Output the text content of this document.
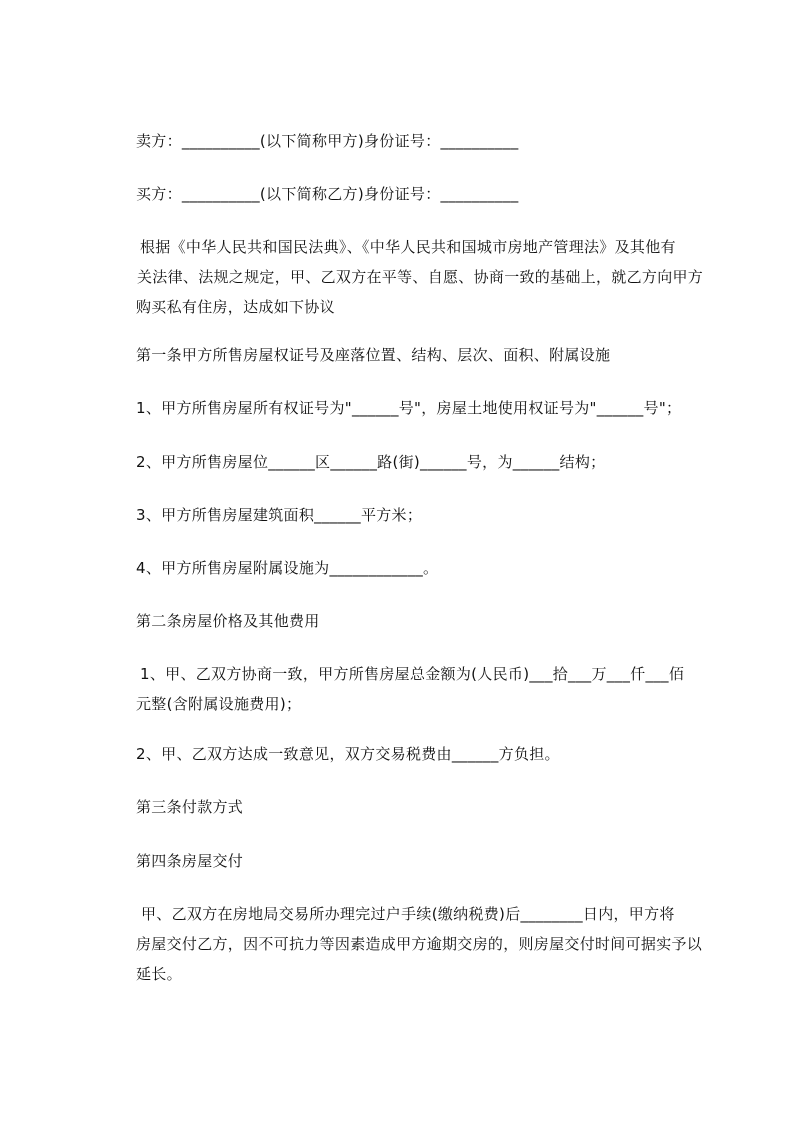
卖方：__________(以下简称甲方)身份证号：__________
买方：__________(以下简称乙方)身份证号：__________
根据《中华人民共和国民法典》、《中华人民共和国城市房地产管理法》及其他有
关法律、法规之规定，甲、乙双方在平等、自愿、协商一致的基础上，就乙方向甲方
购买私有住房，达成如下协议
第一条甲方所售房屋权证号及座落位置、结构、层次、面积、附属设施
1、甲方所售房屋所有权证号为"______号"，房屋土地使用权证号为"______号"；
2、甲方所售房屋位______区______路(街)______号，为______结构；
3、甲方所售房屋建筑面积______平方米；
4、甲方所售房屋附属设施为____________。
第二条房屋价格及其他费用
1、甲、乙双方协商一致，甲方所售房屋总金额为(人民币)___拾___万___仟___佰
元整(含附属设施费用)；
2、甲、乙双方达成一致意见，双方交易税费由______方负担。
第三条付款方式
第四条房屋交付
甲、乙双方在房地局交易所办理完过户手续(缴纳税费)后________日内，甲方将
房屋交付乙方，因不可抗力等因素造成甲方逾期交房的，则房屋交付时间可据实予以
延长。
